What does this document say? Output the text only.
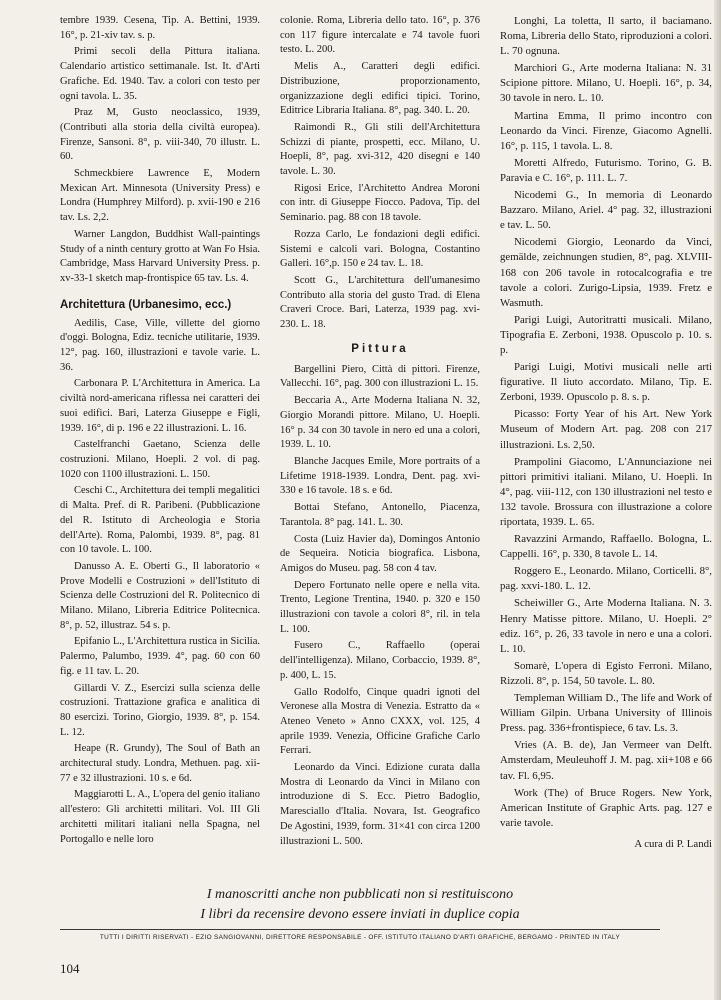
tembre 1939. Cesena, Tip. A. Bettini, 1939. 16°, p. 21-xiv tav. s. p.

Primi secoli della Pittura italiana. Calendario artistico settimanale. Ist. It. d'Arti Grafiche. Ed. 1940. Tav. a colori con testo per ogni tavola. L. 35.

Praz M, Gusto neoclassico, 1939, (Contributi alla storia della civiltà europea). Firenze, Sansoni. 8°, p. viii-340, 70 illustr. L. 60.

Schmeckbiere Lawrence E, Modern Mexican Art. Minnesota (University Press) e Londra (Humphrey Milford). p. xvii-190 e 216 tav. Ls. 2,2.

Warner Langdon, Buddhist Wall-paintings Study of a ninth century grotto at Wan Fo Hsia. Cambridge, Mass Harvard University Press. p. xv-33-1 sketch map-frontispice 65 tav. Ls. 4.

Architettura (Urbanesimo, ecc.)

Aedilis, Case, Ville, villette del giorno d'oggi. Bologna, Ediz. tecniche utilitarie, 1939. 12°, pag. 160, illustrazioni e tavole varie. L. 36.

Carbonara P. L'Architettura in America. La civiltà nord-americana riflessa nei caratteri dei suoi edifici. Bari, Laterza Giuseppe e Figli, 1939. 16°, di p. 196 e 22 illustrazioni. L. 16.

Castelfranchi Gaetano, Scienza delle costruzioni. Milano, Hoepli. 2 vol. di pag. 1020 con 1100 illustrazioni. L. 150.

Ceschi C., Architettura dei templi megalitici di Malta. Pref. di R. Paribeni. (Pubblicazione del R. Istituto di Archeologia e Storia dell'Arte). Roma, Palombi, 1939. 8°, pag. 81 con 10 tavole. L. 100.

Danusso A. E. Oberti G., Il laboratorio « Prove Modelli e Costruzioni » dell'Istituto di Scienza delle Costruzioni del R. Politecnico di Milano. Milano, Libreria Editrice Politecnica. 8°, p. 52, illustraz. 54 s. p.

Epifanio L., L'Architettura rustica in Sicilia. Palermo, Palumbo, 1939. 4°, pag. 60 con 60 fig. e 11 tav. L. 20.

Gillardi V. Z., Esercizi sulla scienza delle costruzioni. Trattazione grafica e analitica di 80 esercizi. Torino, Giorgio, 1939. 8°, p. 154. L. 12.

Heape (R. Grundy), The Soul of Bath an architectural study. Londra, Methuen. pag. xii-77 e 32 illustrazioni. 10 s. e 6d.

Maggiarotti L. A., L'opera del genio italiano all'estero: Gli architetti militari. Vol. III Gli architetti militari italiani nella Spagna, nel Portogallo e nelle loro

colonie. Roma, Libreria dello tato. 16°, p. 376 con 117 figure intercalate e 74 tavole fuori testo. L. 200.

Melis A., Caratteri degli edifici. Distribuzione, proporzionamento, organizzazione degli edifici tipici. Torino, Editrice Libraria Italiana. 8°, pag. 340. L. 20.

Raimondi R., Gli stili dell'Architettura Schizzi di piante, prospetti, ecc. Milano, U. Hoepli, 8°, pag. xvi-312, 420 disegni e 140 tavole. L. 30.

Rigosi Erice, l'Architetto Andrea Moroni con intr. di Giuseppe Fiocco. Padova, Tip. del Seminario. pag. 88 con 18 tavole.

Rozza Carlo, Le fondazioni degli edifici. Sistemi e calcoli vari. Bologna, Costantino Galleri. 16°,p. 150 e 24 tav. L. 18.

Scott G., L'architettura dell'umanesimo Contributo alla storia del gusto Trad. di Elena Craveri Croce. Bari, Laterza, 1939 pag. xvi-230. L. 18.

Pittura

Bargellini Piero, Città di pittori. Firenze, Vallecchi. 16°, pag. 300 con illustrazioni L. 15.

Beccaria A., Arte Moderna Italiana N. 32, Giorgio Morandi pittore. Milano, U. Hoepli. 16° p. 34 con 30 tavole in nero ed una a colori, 1939. L. 10.

Blanche Jacques Emile, More portraits of a Lifetime 1918-1939. Londra, Dent. pag. xvi-330 e 16 tavole. 18 s. e 6d.

Bottai Stefano, Antonello, Piacenza, Tarantola. 8° pag. 141. L. 30.

Costa (Luiz Havier da), Domingos Antonio de Sequeira. Noticia biografica. Lisbona, Amigos do Museu. pag. 58 con 4 tav.

Depero Fortunato nelle opere e nella vita. Trento, Legione Trentina, 1940. p. 320 e 150 illustrazioni con tavole a colori 8°, ril. in tela L. 100.

Fusero C., Raffaello (operai dell'intelligenza). Milano, Corbaccio, 1939. 8°, p. 400, L. 15.

Gallo Rodolfo, Cinque quadri ignoti del Veronese alla Mostra di Venezia. Estratto da « Ateneo Veneto » Anno CXXX, vol. 125, 4 aprile 1939. Venezia, Officine Grafiche Carlo Ferrari.

Leonardo da Vinci. Edizione curata dalla Mostra di Leonardo da Vinci in Milano con introduzione di S. Ecc. Pietro Badoglio, Maresciallo d'Italia. Novara, Ist. Geografico De Agostini, 1939, form. 31×41 con circa 1200 illustrazioni L. 500.

Longhi, La toletta, Il sarto, il baciamano. Roma, Libreria dello Stato, riproduzioni a colori. L. 70 ognuna.

Marchiori G., Arte moderna Italiana: N. 31 Scipione pittore. Milano, U. Hoepli. 16°, p. 34, 30 tavole in nero. L. 10.

Martina Emma, Il primo incontro con Leonardo da Vinci. Firenze, Giacomo Agnelli. 16°, p. 115, 1 tavola. L. 8.

Moretti Alfredo, Futurismo. Torino, G. B. Paravia e C. 16°, p. 111. L. 7.

Nicodemi G., In memoria di Leonardo Bazzaro. Milano, Ariel. 4° pag. 32, illustrazioni e tav. L. 50.

Nicodemi Giorgio, Leonardo da Vinci, gemälde, zeichnungen studien, 8°, pag. XLVIII-168 con 206 tavole in rotocalcografia e tre tavole a colori. Zurigo-Lipsia, 1939. Fretz e Wasmuth.

Parigi Luigi, Autoritratti musicali. Milano, Tipografia E. Zerboni, 1938. Opuscolo p. 10. s. p.

Parigi Luigi, Motivi musicali nelle arti figurative. Il liuto accordato. Milano, Tip. E. Zerboni, 1939. Opuscolo p. 8. s. p.

Picasso: Forty Year of his Art. New York Museum of Modern Art. pag. 208 con 217 illustrazioni. Ls. 2,50.

Prampolini Giacomo, L'Annunciazione nei pittori primitivi italiani. Milano, U. Hoepli. In 4°, pag. viii-112, con 130 illustrazioni nel testo e 132 tavole. Brossura con illustrazione a colore riportata, 1939. L. 65.

Ravazzini Armando, Raffaello. Bologna, L. Cappelli. 16°, p. 330, 8 tavole L. 14.

Roggero E., Leonardo. Milano, Corticelli. 8°, pag. xxvi-180. L. 12.

Scheiwiller G., Arte Moderna Italiana. N. 3. Henry Matisse pittore. Milano, U. Hoepli. 2° ediz. 16°, p. 26, 33 tavole in nero e una a colori. L. 10.

Somarè, L'opera di Egisto Ferroni. Milano, Rizzoli. 8°, p. 154, 50 tavole. L. 80.

Templeman William D., The life and Work of William Gilpin. Urbana University of Illinois Press. pag. 336+frontispiece, 6 tav. Ls. 3.

Vries (A. B. de), Jan Vermeer van Delft. Amsterdam, Meuleuhoff J. M. pag. xii+108 e 66 tav. Fl. 6,95.

Work (The) of Bruce Rogers. New York, American Institute of Graphic Arts. pag. 127 e varie tavole.

A cura di P. Landi

I manoscritti anche non pubblicati non si restituiscono
I libri da recensire devono essere inviati in duplice copia
TUTTI I DIRITTI RISERVATI - EZIO SANGIOVANNI, DIRETTORE RESPONSABILE - OFF. ISTITUTO ITALIANO D'ARTI GRAFICHE, BERGAMO - PRINTED IN ITALY
104
